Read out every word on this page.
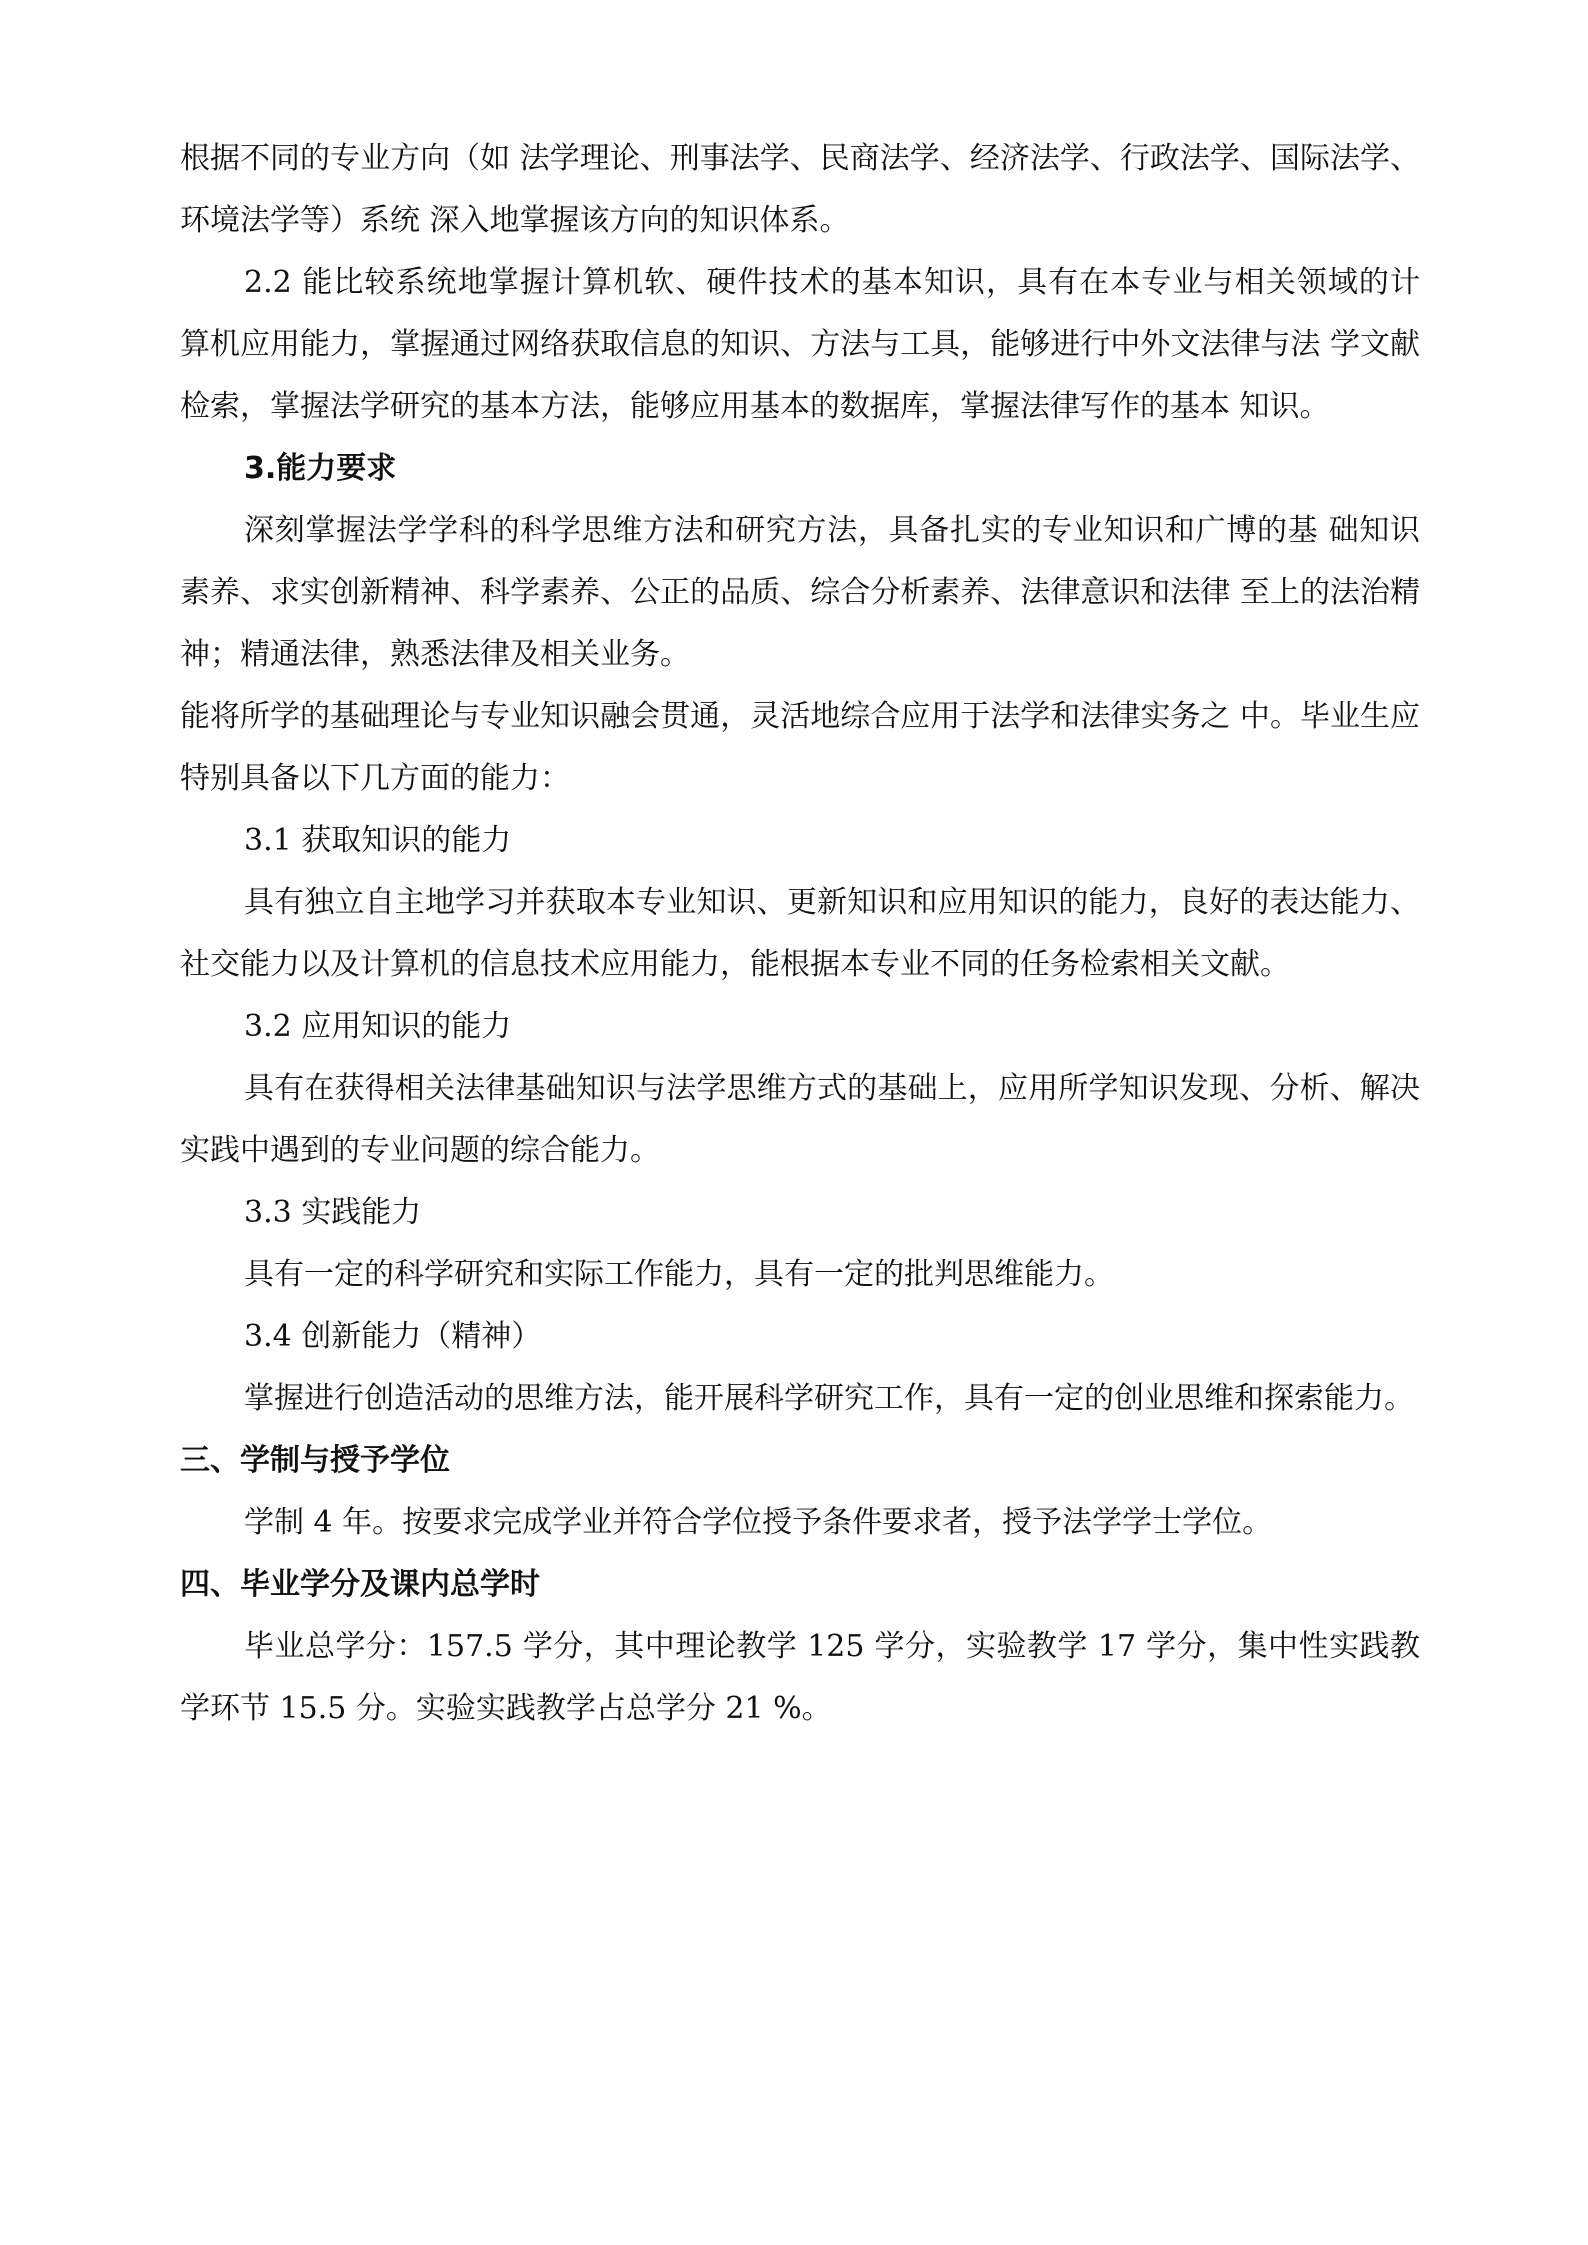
根据不同的专业方向（如 法学理论、刑事法学、民商法学、经济法学、行政法学、国际法学、环境法学等）系统 深入地掌握该方向的知识体系。

2.2 能比较系统地掌握计算机软、硬件技术的基本知识，具有在本专业与相关领域的计 算机应用能力，掌握通过网络获取信息的知识、方法与工具，能够进行中外文法律与法 学文献检索，掌握法学研究的基本方法，能够应用基本的数据库，掌握法律写作的基本 知识。

3.能力要求

深刻掌握法学学科的科学思维方法和研究方法，具备扎实的专业知识和广博的基 础知识素养、求实创新精神、科学素养、公正的品质、综合分析素养、法律意识和法律 至上的法治精神；精通法律，熟悉法律及相关业务。

能将所学的基础理论与专业知识融会贯通，灵活地综合应用于法学和法律实务之 中。毕业生应特别具备以下几方面的能力：

3.1 获取知识的能力

具有独立自主地学习并获取本专业知识、更新知识和应用知识的能力，良好的表达能力、社交能力以及计算机的信息技术应用能力，能根据本专业不同的任务检索相关文献。

3.2 应用知识的能力

具有在获得相关法律基础知识与法学思维方式的基础上，应用所学知识发现、分析、解决实践中遇到的专业问题的综合能力。

3.3 实践能力

具有一定的科学研究和实际工作能力，具有一定的批判思维能力。

3.4 创新能力（精神）

掌握进行创造活动的思维方法，能开展科学研究工作，具有一定的创业思维和探索能力。

三、学制与授予学位

学制 4 年。按要求完成学业并符合学位授予条件要求者，授予法学学士学位。

四、毕业学分及课内总学时

毕业总学分：157.5 学分，其中理论教学 125 学分，实验教学 17 学分，集中性实践教学环节 15.5 分。实验实践教学占总学分 21 %。
